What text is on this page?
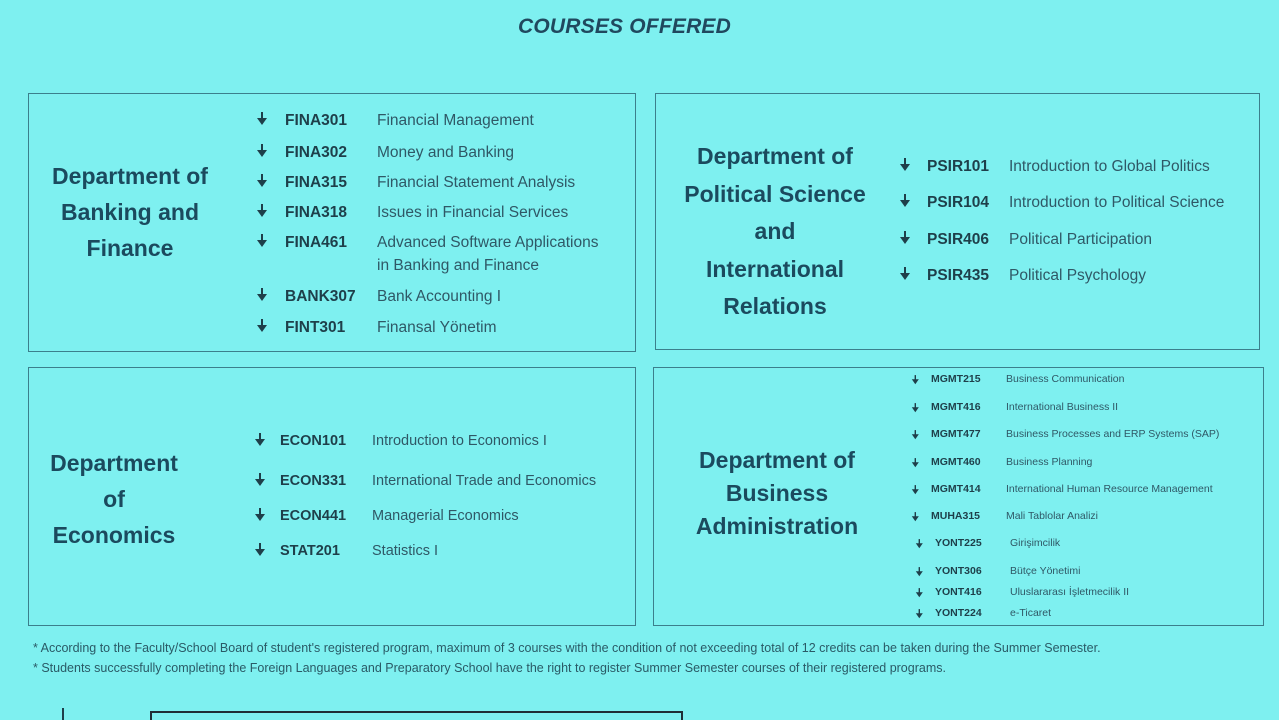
COURSES OFFERED
Department of
Banking and
Finance
FINA301	Financial Management
FINA302	Money and Banking
FINA315	Financial Statement Analysis
FINA318	Issues in Financial Services
FINA461	Advanced Software Applications
in Banking and Finance
BANK307	Bank Accounting I
FINT301	Finansal Yönetim
Department of
Political Science
and
International
Relations
PSIR101	Introduction to Global Politics
PSIR104	Introduction to Political Science
PSIR406	Political Participation
PSIR435	Political Psychology
Department
of
Economics
ECON101	Introduction to Economics I
ECON331	International Trade and Economics
ECON441	Managerial Economics
STAT201	Statistics I
Department of
Business
Administration
MGMT215	Business Communication
MGMT416	International Business II
MGMT477	Business Processes and ERP Systems (SAP)
MGMT460	Business Planning
MGMT414	International Human Resource Management
MUHA315	Mali Tablolar Analizi
YONT225	Girişimcilik
YONT306	Bütçe Yönetimi
YONT416	Uluslararası İşletmecilik II
YONT224	e-Ticaret
* According to the Faculty/School Board of student's registered program, maximum of 3 courses with the condition of not exceeding total of 12 credits can be taken during the Summer Semester.
* Students successfully completing the Foreign Languages and Preparatory School have the right to register Summer Semester courses of their registered programs.
